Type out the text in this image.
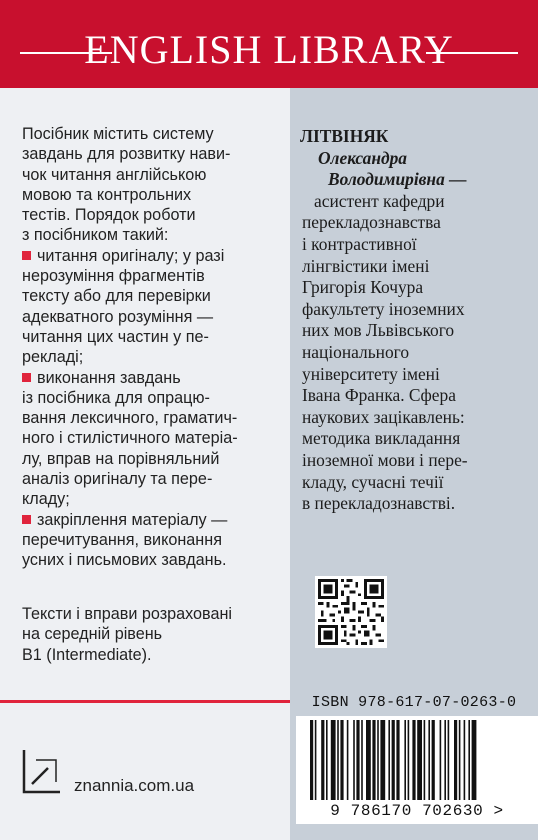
ENGLISH LIBRARY

Посібник містить систему

завдань для розвитку нави-

чок читання англійською

мовою та контрольних

тестів. Порядок роботи

з посібником такий:

читання оригіналу; у разі

нерозуміння фрагментів

тексту або для перевірки

адекватного розуміння —

читання цих частин у пе-

рекладі;

виконання завдань

із посібника для опрацю-

вання лексичного, граматич-

ного і стилістичного матеріа-

лу, вправ на порівняльний

аналіз оригіналу та пере-

кладу;

закріплення матеріалу —

перечитування, виконання

усних і письмових завдань.

Тексти і вправи розраховані

на середній рівень

B1 (Intermediate).

znannia.com.ua

ЛІТВІНЯК

Олександра

Володимирівна —

асистент кафедри

перекладознавства

і контрастивної

лінгвістики імені

Григорія Кочура

факультету іноземних

них мов Львівського

національного

університету імені

Івана Франка. Сфера

наукових зацікавлень:

методика викладання

іноземної мови і пере-

кладу, сучасні течії

в перекладознавстві.

ISBN 978-617-07-0263-0
9 786170 702630 >
